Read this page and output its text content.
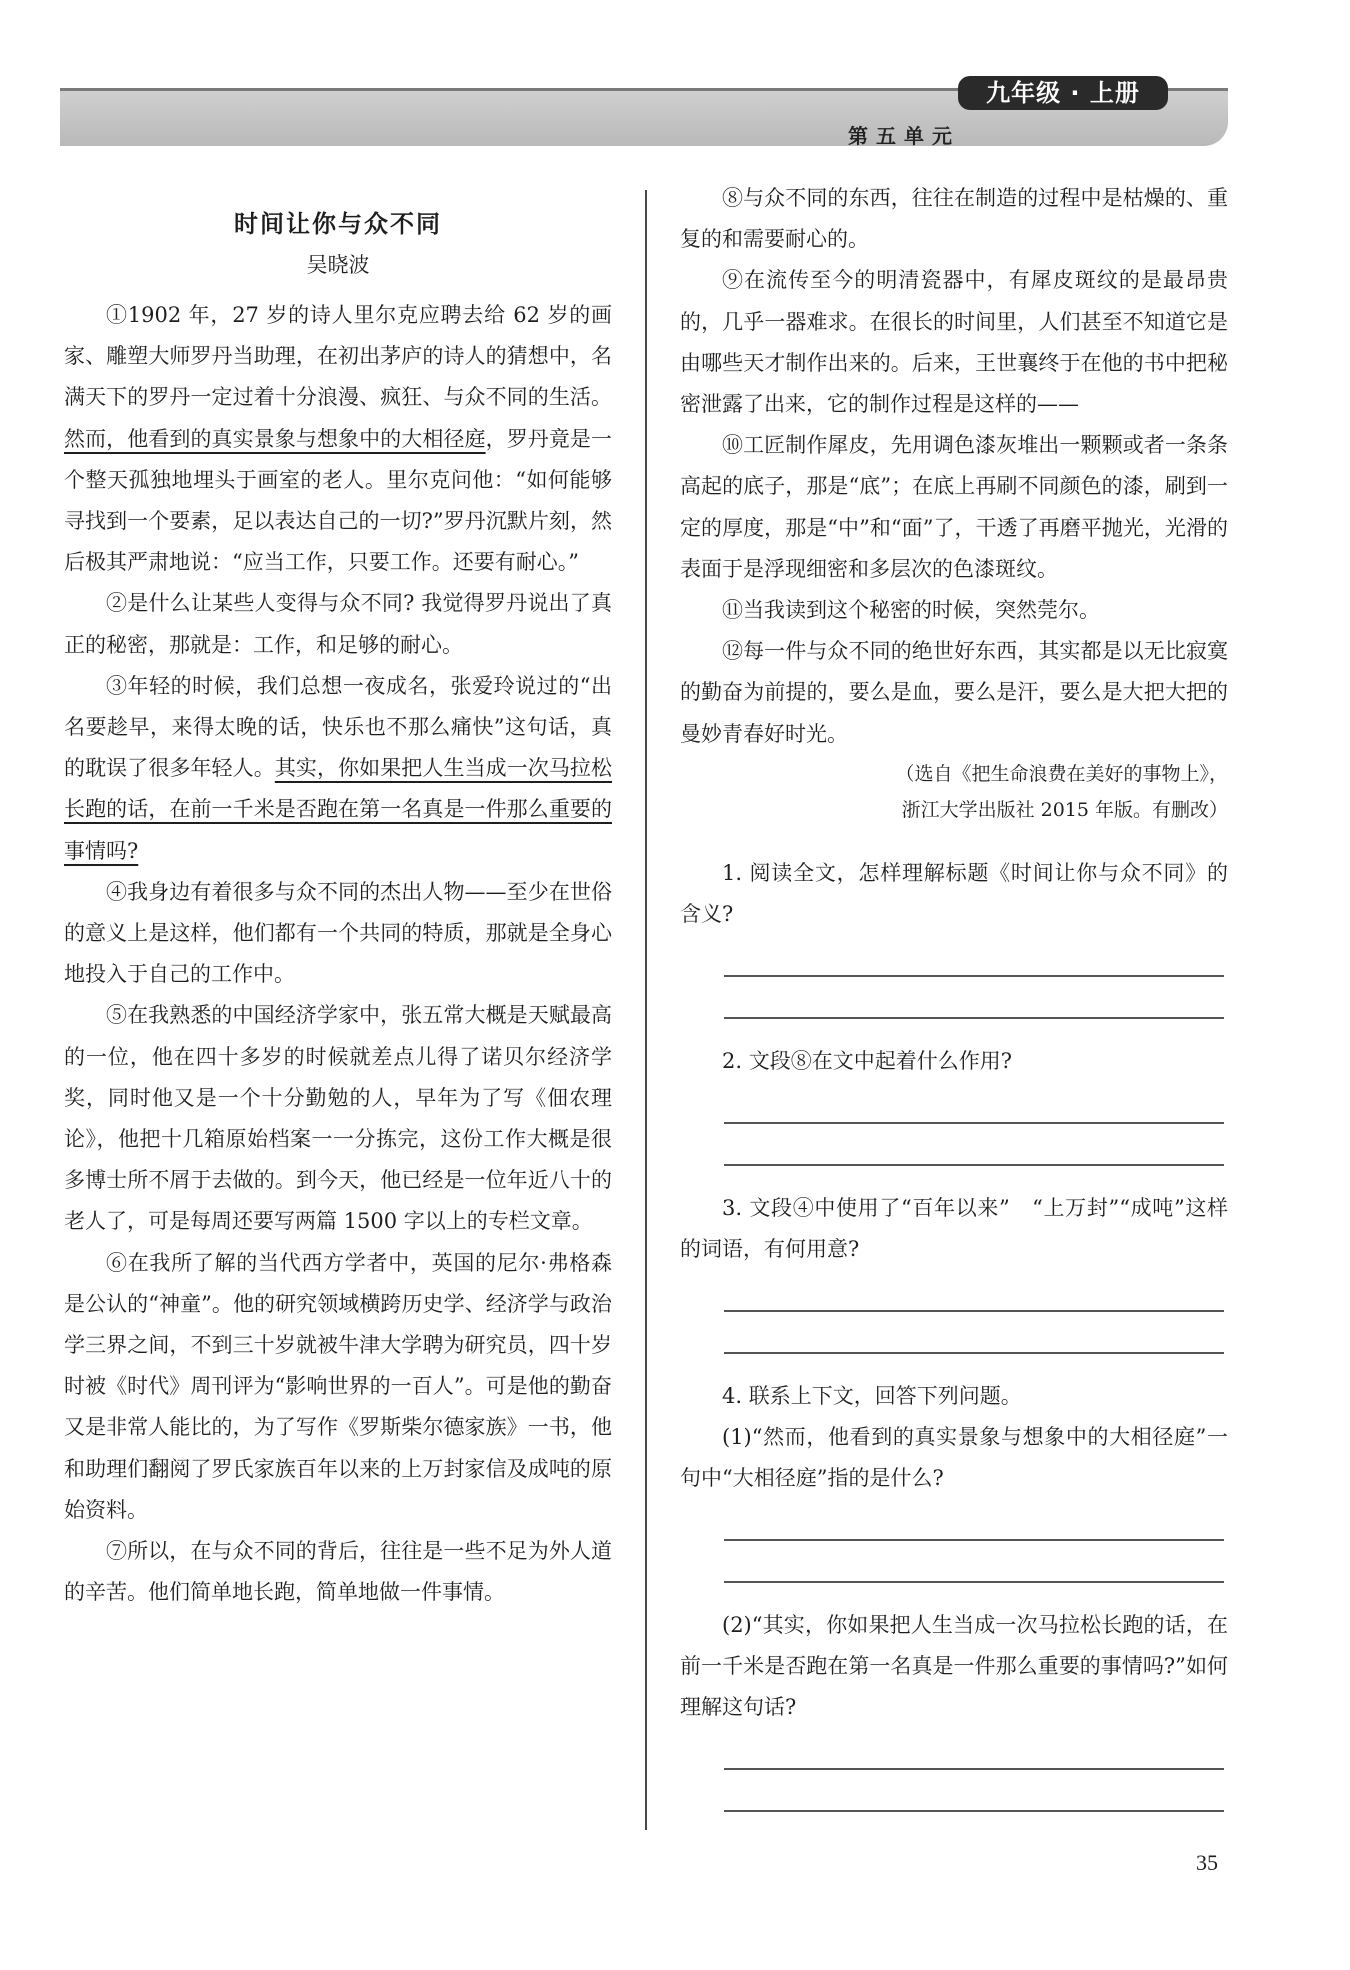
九年级 · 上册
第五单元
时间让你与众不同
吴晓波

①1902 年，27 岁的诗人里尔克应聘去给 62 岁的画家、雕塑大师罗丹当助理，在初出茅庐的诗人的猜想中，名满天下的罗丹一定过着十分浪漫、疯狂、与众不同的生活。然而，他看到的真实景象与想象中的大相径庭，罗丹竟是一个整天孤独地埋头于画室的老人。里尔克问他：“如何能够寻找到一个要素，足以表达自己的一切?”罗丹沉默片刻，然后极其严肃地说：“应当工作，只要工作。还要有耐心。”

②是什么让某些人变得与众不同? 我觉得罗丹说出了真正的秘密，那就是：工作，和足够的耐心。

③年轻的时候，我们总想一夜成名，张爱玲说过的“出名要趁早，来得太晚的话，快乐也不那么痛快”这句话，真的耽误了很多年轻人。其实，你如果把人生当成一次马拉松长跑的话，在前一千米是否跑在第一名真是一件那么重要的事情吗?

④我身边有着很多与众不同的杰出人物——至少在世俗的意义上是这样，他们都有一个共同的特质，那就是全身心地投入于自己的工作中。

⑤在我熟悉的中国经济学家中，张五常大概是天赋最高的一位，他在四十多岁的时候就差点儿得了诺贝尔经济学奖，同时他又是一个十分勤勉的人，早年为了写《佃农理论》，他把十几箱原始档案一一分拣完，这份工作大概是很多博士所不屑于去做的。到今天，他已经是一位年近八十的老人了，可是每周还要写两篇 1500 字以上的专栏文章。

⑥在我所了解的当代西方学者中，英国的尼尔·弗格森是公认的“神童”。他的研究领域横跨历史学、经济学与政治学三界之间，不到三十岁就被牛津大学聘为研究员，四十岁时被《时代》周刊评为“影响世界的一百人”。可是他的勤奋又是非常人能比的，为了写作《罗斯柴尔德家族》一书，他和助理们翻阅了罗氏家族百年以来的上万封家信及成吨的原始资料。

⑦所以，在与众不同的背后，往往是一些不足为外人道的辛苦。他们简单地长跑，简单地做一件事情。

⑧与众不同的东西，往往在制造的过程中是枯燥的、重复的和需要耐心的。

⑨在流传至今的明清瓷器中，有犀皮斑纹的是最昂贵的，几乎一器难求。在很长的时间里，人们甚至不知道它是由哪些天才制作出来的。后来，王世襄终于在他的书中把秘密泄露了出来，它的制作过程是这样的——

⑩工匠制作犀皮，先用调色漆灰堆出一颗颗或者一条条高起的底子，那是“底”；在底上再刷不同颜色的漆，刷到一定的厚度，那是“中”和“面”了，干透了再磨平抛光，光滑的表面于是浮现细密和多层次的色漆斑纹。

⑪当我读到这个秘密的时候，突然莞尔。

⑫每一件与众不同的绝世好东西，其实都是以无比寂寞的勤奋为前提的，要么是血，要么是汗，要么是大把大把的曼妙青春好时光。

（选自《把生命浪费在美好的事物上》，
浙江大学出版社 2015 年版。有删改）

1. 阅读全文，怎样理解标题《时间让你与众不同》的含义?

2. 文段⑧在文中起着什么作用?

3. 文段④中使用了“百年以来”　“上万封”“成吨”这样的词语，有何用意?

4. 联系上下文，回答下列问题。

(1)“然而，他看到的真实景象与想象中的大相径庭”一句中“大相径庭”指的是什么?

(2)“其实，你如果把人生当成一次马拉松长跑的话，在前一千米是否跑在第一名真是一件那么重要的事情吗?”如何理解这句话?

35
